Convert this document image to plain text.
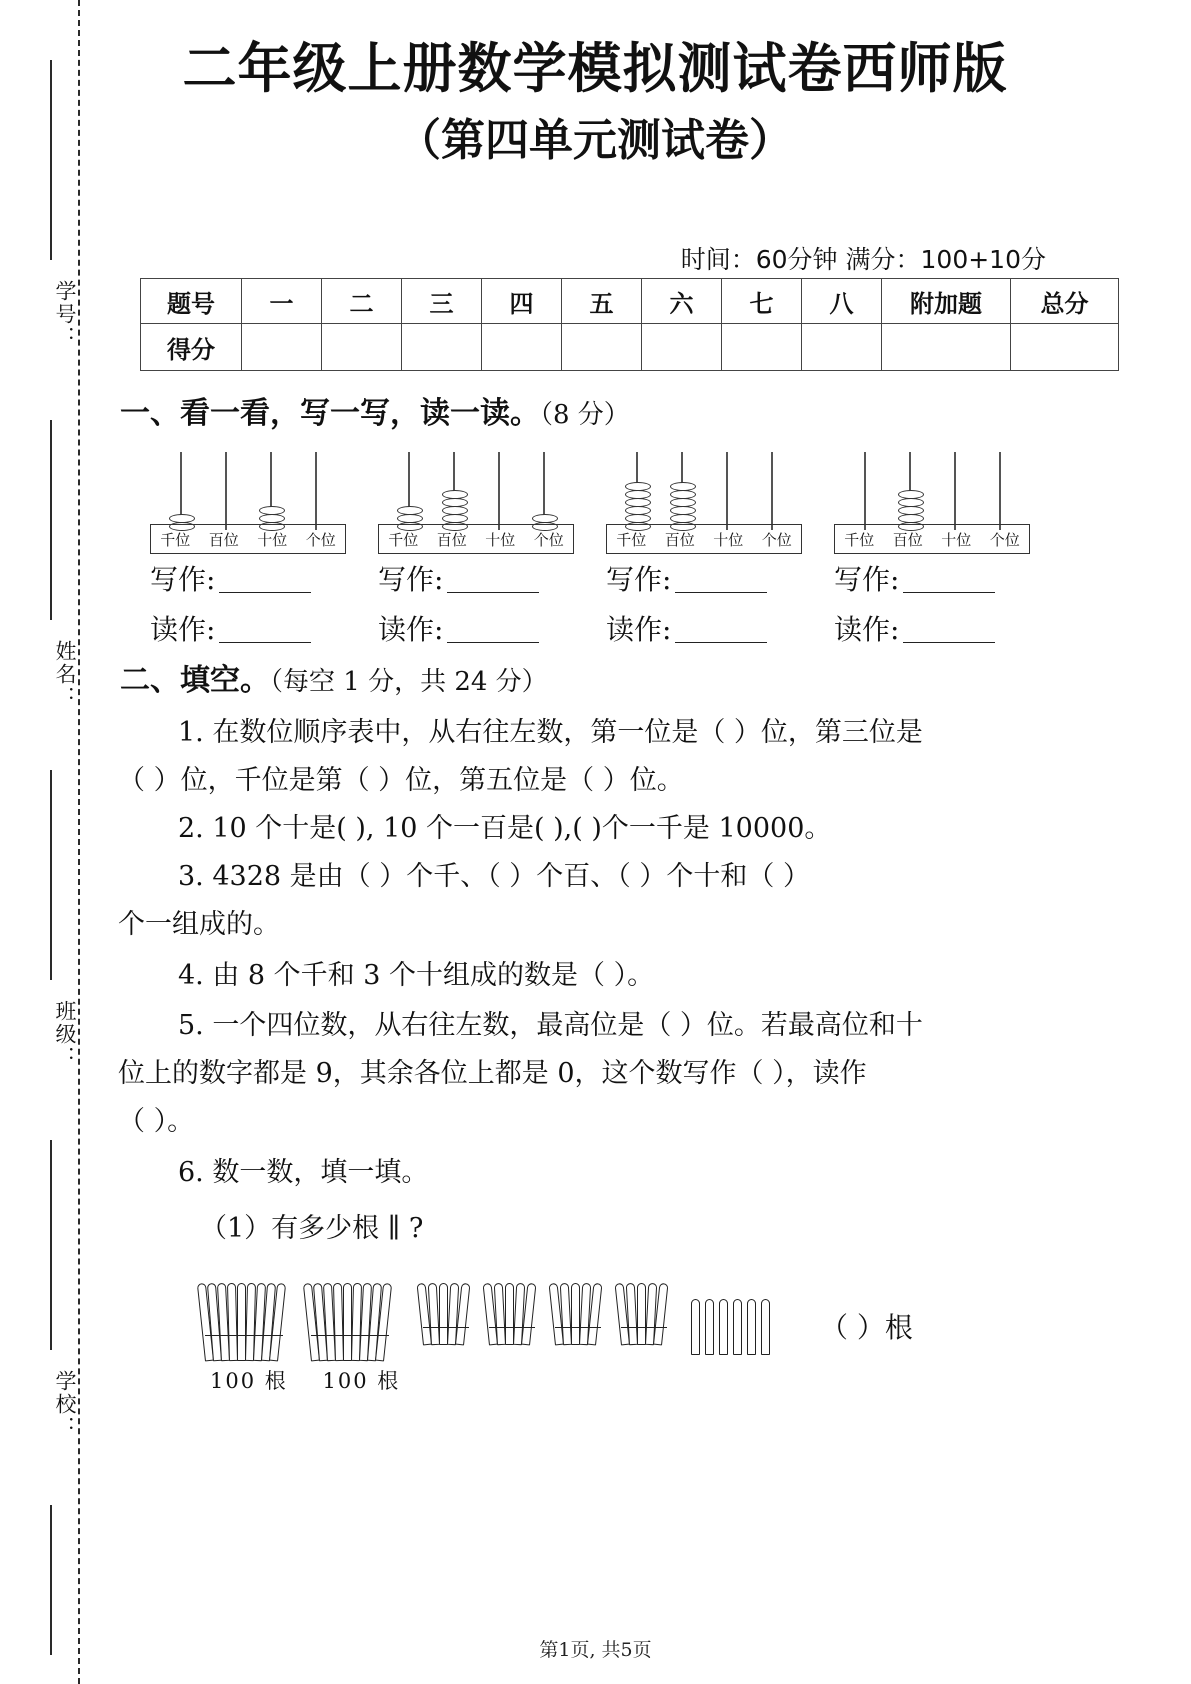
学号：
姓名：
班级：
学校：
二年级上册数学模拟测试卷西师版
（第四单元测试卷）
时间：60分钟 满分：100+10分
题号	一	二	三	四	五	六	七	八	附加题	总分
得分										
一、看一看，写一写，读一读。（8 分）
千位	百位	十位	个位	千位	百位	十位	个位	千位	百位	十位	个位	千位	百位	十位	个位
写作:	写作:	写作:	写作:
读作:	读作:	读作:	读作:
二、填空。（每空 1 分，共 24 分）
1. 在数位顺序表中，从右往左数，第一位是（ ）位，第三位是
（ ）位，千位是第（ ）位，第五位是（ ）位。
2. 10 个十是( ), 10 个一百是( ),( )个一千是 10000。
3. 4328 是由（ ）个千、（ ）个百、（ ）个十和（ ）
个一组成的。
4. 由 8 个千和 3 个十组成的数是（ ）。
5. 一个四位数，从右往左数，最高位是（ ）位。若最高位和十
位上的数字都是 9，其余各位上都是 0，这个数写作（ ），读作
（ ）。
6. 数一数，填一填。
（1）有多少根 ∥ ?
100 根 100 根
（ ）根
第1页, 共5页
